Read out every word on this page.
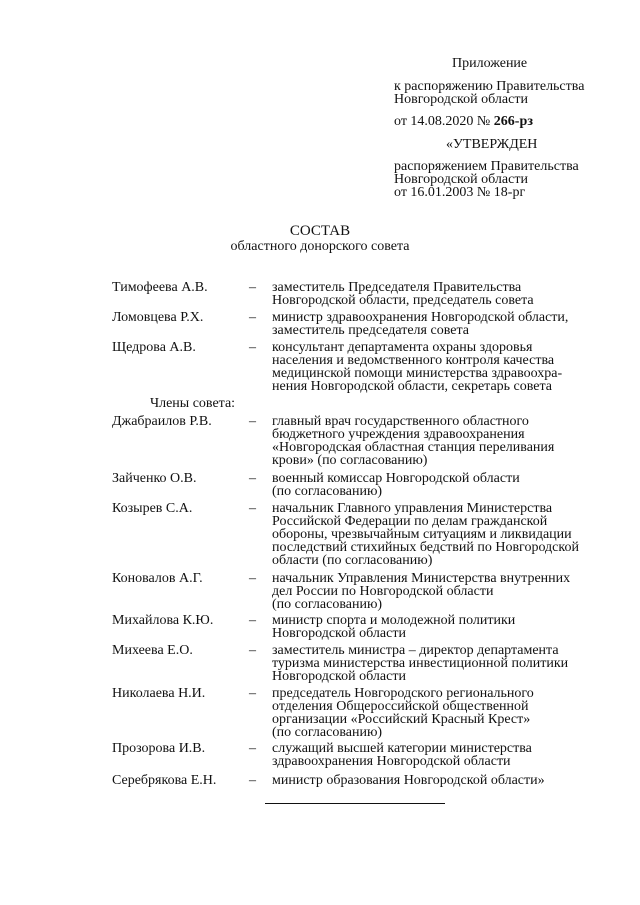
Приложение
к распоряжению Правительства
Новгородской области
от 14.08.2020 № 266-рз
«УТВЕРЖДЕН
распоряжением Правительства
Новгородской области
от 16.01.2003 № 18-рг
СОСТАВ
областного донорского совета
Тимофеева А.В.	– заместитель Председателя Правительства
Новгородской области, председатель совета
Ломовцева Р.Х.	– министр здравоохранения Новгородской области,
заместитель председателя совета
Щедрова А.В.	– консультант департамента охраны здоровья
населения и ведомственного контроля качества
медицинской помощи министерства здравоохра-
нения Новгородской области, секретарь совета
Члены совета:
Джабраилов Р.В.	– главный врач государственного областного
бюджетного учреждения здравоохранения
«Новгородская областная станция переливания
крови» (по согласованию)
Зайченко О.В.	– военный комиссар Новгородской области
(по согласованию)
Козырев С.А.	– начальник Главного управления Министерства
Российской Федерации по делам гражданской
обороны, чрезвычайным ситуациям и ликвидации
последствий стихийных бедствий по Новгородской
области (по согласованию)
Коновалов А.Г.	– начальник Управления Министерства внутренних
дел России по Новгородской области
(по согласованию)
Михайлова К.Ю.	– министр спорта и молодежной политики
Новгородской области
Михеева Е.О.	– заместитель министра – директор департамента
туризма министерства инвестиционной политики
Новгородской области
Николаева Н.И.	– председатель Новгородского регионального
отделения Общероссийской общественной
организации «Российский Красный Крест»
(по согласованию)
Прозорова И.В.	– служащий высшей категории министерства
здравоохранения Новгородской области
Серебрякова Е.Н. – министр образования Новгородской области»
